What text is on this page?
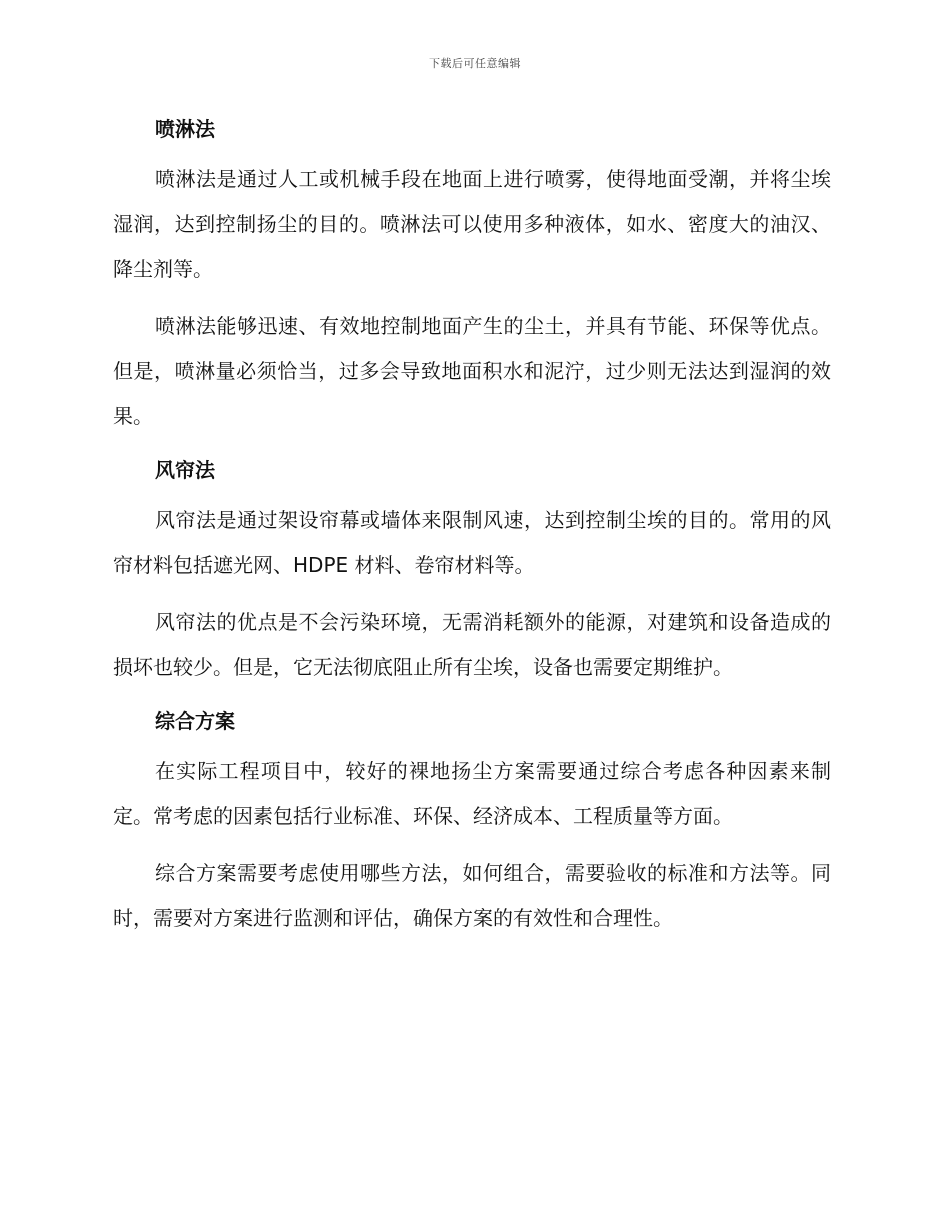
下载后可任意编辑
喷淋法

喷淋法是通过人工或机械手段在地面上进行喷雾，使得地面受潮，并将尘埃湿润，达到控制扬尘的目的。喷淋法可以使用多种液体，如水、密度大的油汉、降尘剂等。

喷淋法能够迅速、有效地控制地面产生的尘土，并具有节能、环保等优点。但是，喷淋量必须恰当，过多会导致地面积水和泥泞，过少则无法达到湿润的效果。

风帘法

风帘法是通过架设帘幕或墙体来限制风速，达到控制尘埃的目的。常用的风帘材料包括遮光网、HDPE 材料、卷帘材料等。

风帘法的优点是不会污染环境，无需消耗额外的能源，对建筑和设备造成的损坏也较少。但是，它无法彻底阻止所有尘埃，设备也需要定期维护。

综合方案

在实际工程项目中，较好的裸地扬尘方案需要通过综合考虑各种因素来制定。常考虑的因素包括行业标准、环保、经济成本、工程质量等方面。

综合方案需要考虑使用哪些方法，如何组合，需要验收的标准和方法等。同时，需要对方案进行监测和评估，确保方案的有效性和合理性。
